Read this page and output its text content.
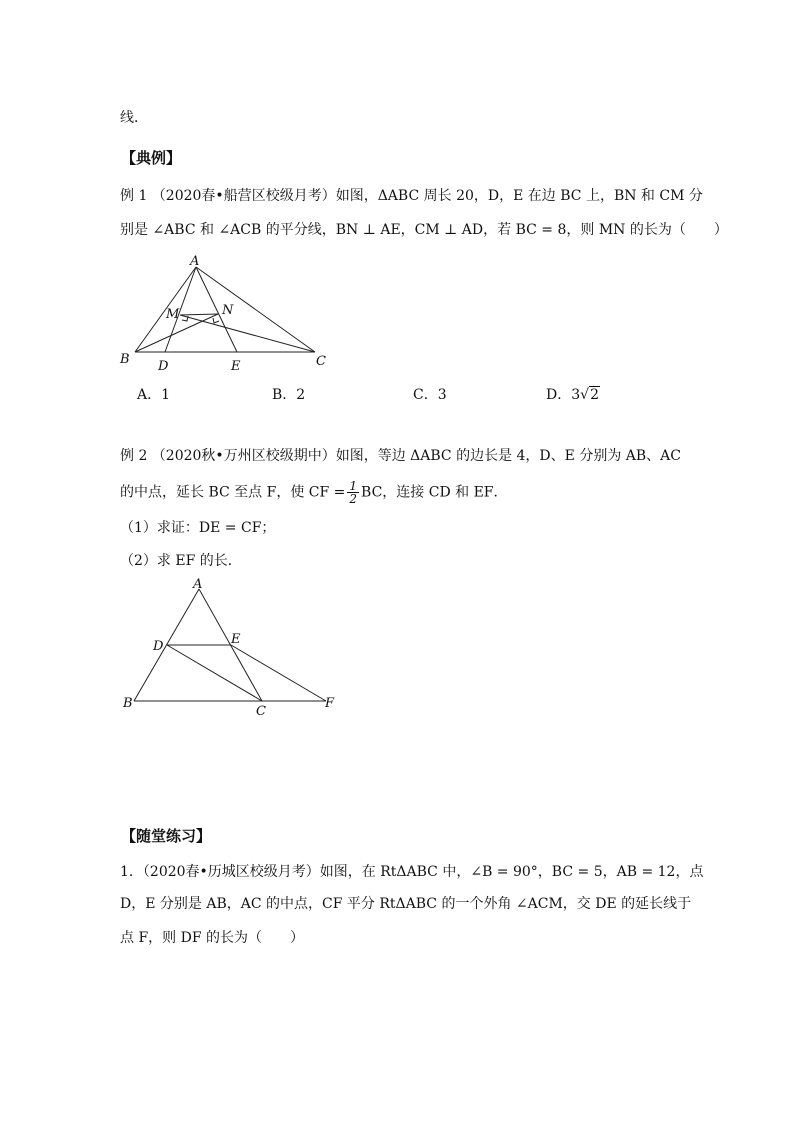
线．
【典例】
例 1 （2020春•船营区校级月考）如图，ΔABC 周长 20，D，E 在边 BC 上，BN 和 CM 分
别是 ∠ABC 和 ∠ACB 的平分线，BN ⊥ AE，CM ⊥ AD，若 BC = 8，则 MN 的长为（　　）
A
B	C
D	E
M	N
A
B
C
D	E
F
A．1	B．2	C．3	D．3√2
例 2 （2020秋•万州区校级期中）如图，等边 ΔABC 的边长是 4，D、E 分别为 AB、AC
的中点，延长 BC 至点 F，使 CF = $\frac{1}{2}$ BC，连接 CD 和 EF．
（1）求证：DE = CF；
（2）求 EF 的长．
【随堂练习】
1．（2020春•历城区校级月考）如图，在 RtΔABC 中，∠B = 90°，BC = 5，AB = 12，点
D，E 分别是 AB，AC 的中点，CF 平分 RtΔABC 的一个外角 ∠ACM，交 DE 的延长线于
点 F，则 DF 的长为（　　）
